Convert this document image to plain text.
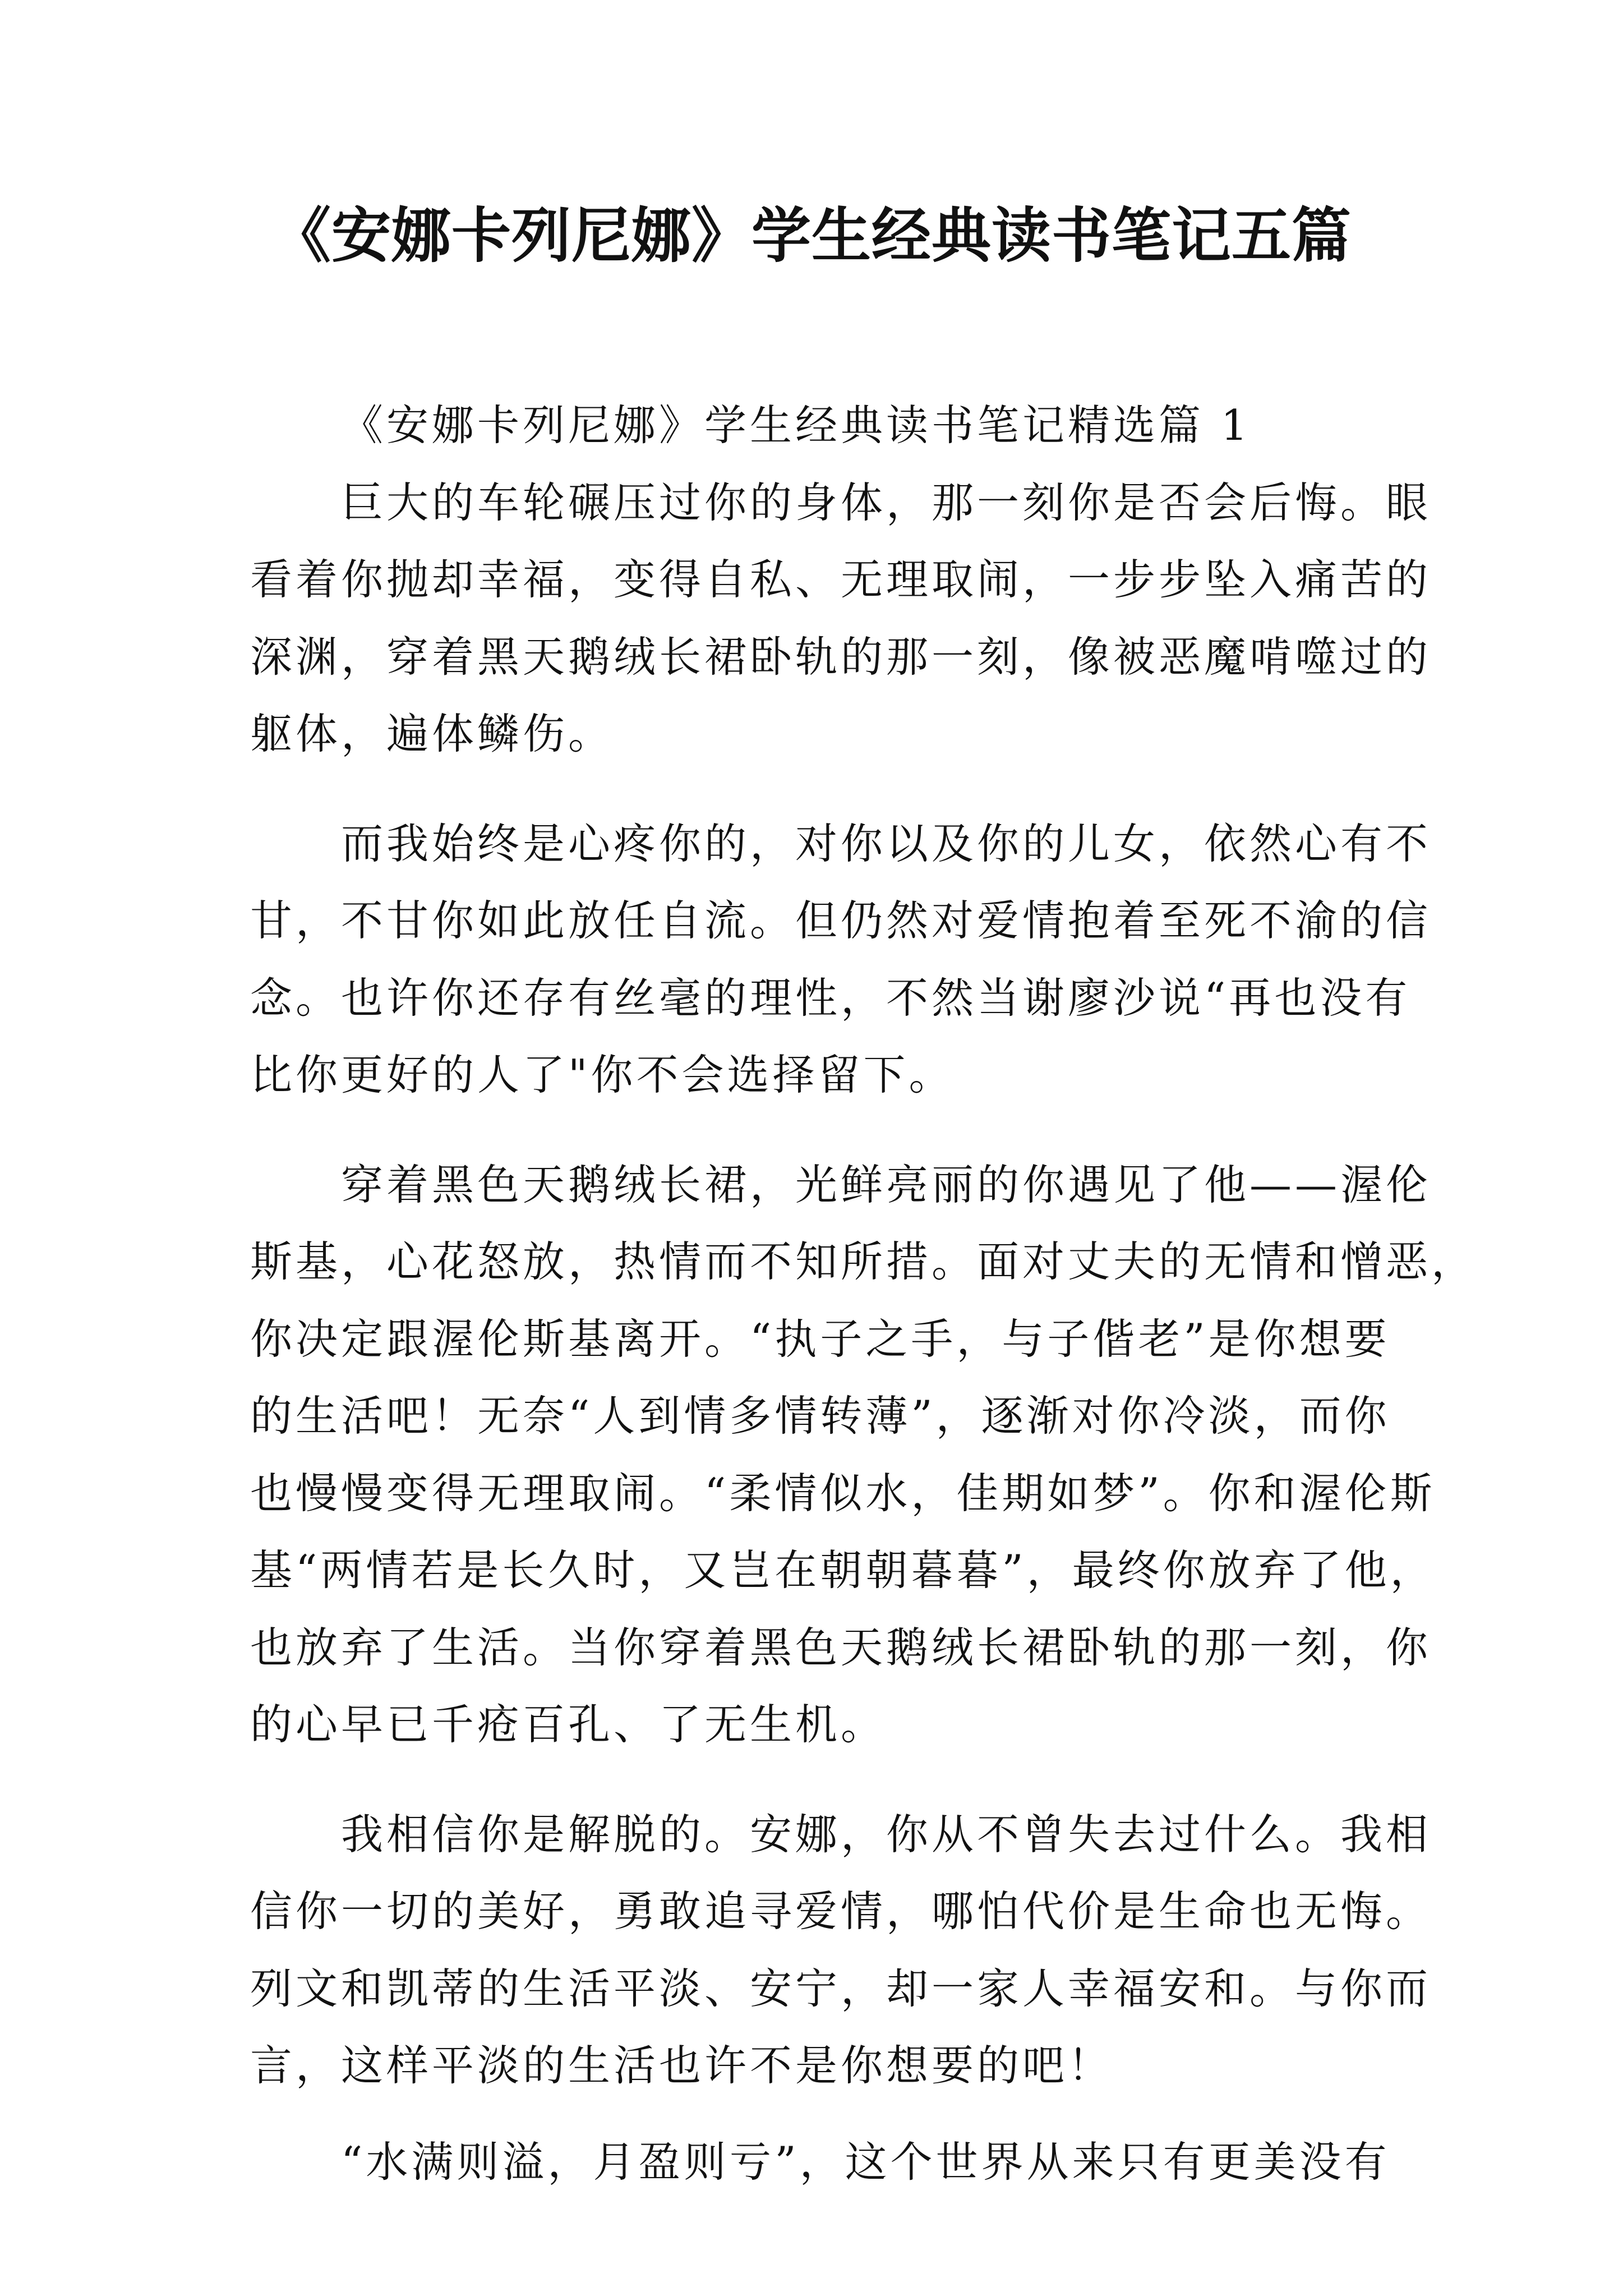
《安娜卡列尼娜》学生经典读书笔记五篇

《安娜卡列尼娜》学生经典读书笔记精选篇 1

巨大的车轮碾压过你的身体，那一刻你是否会后悔。眼
看着你抛却幸福，变得自私、无理取闹，一步步坠入痛苦的
深渊，穿着黑天鹅绒长裙卧轨的那一刻，像被恶魔啃噬过的
躯体，遍体鳞伤。

而我始终是心疼你的，对你以及你的儿女，依然心有不
甘，不甘你如此放任自流。但仍然对爱情抱着至死不渝的信
念。也许你还存有丝毫的理性，不然当谢廖沙说“再也没有
比你更好的人了"你不会选择留下。

穿着黑色天鹅绒长裙，光鲜亮丽的你遇见了他——渥伦
斯基，心花怒放，热情而不知所措。面对丈夫的无情和憎恶，
你决定跟渥伦斯基离开。“执子之手，与子偕老”是你想要
的生活吧！无奈“人到情多情转薄”，逐渐对你冷淡，而你
也慢慢变得无理取闹。“柔情似水，佳期如梦”。你和渥伦斯
基“两情若是长久时，又岂在朝朝暮暮”，最终你放弃了他，
也放弃了生活。当你穿着黑色天鹅绒长裙卧轨的那一刻，你
的心早已千疮百孔、了无生机。

我相信你是解脱的。安娜，你从不曾失去过什么。我相
信你一切的美好，勇敢追寻爱情，哪怕代价是生命也无悔。
列文和凯蒂的生活平淡、安宁，却一家人幸福安和。与你而
言，这样平淡的生活也许不是你想要的吧！

“水满则溢，月盈则亏”，这个世界从来只有更美没有
